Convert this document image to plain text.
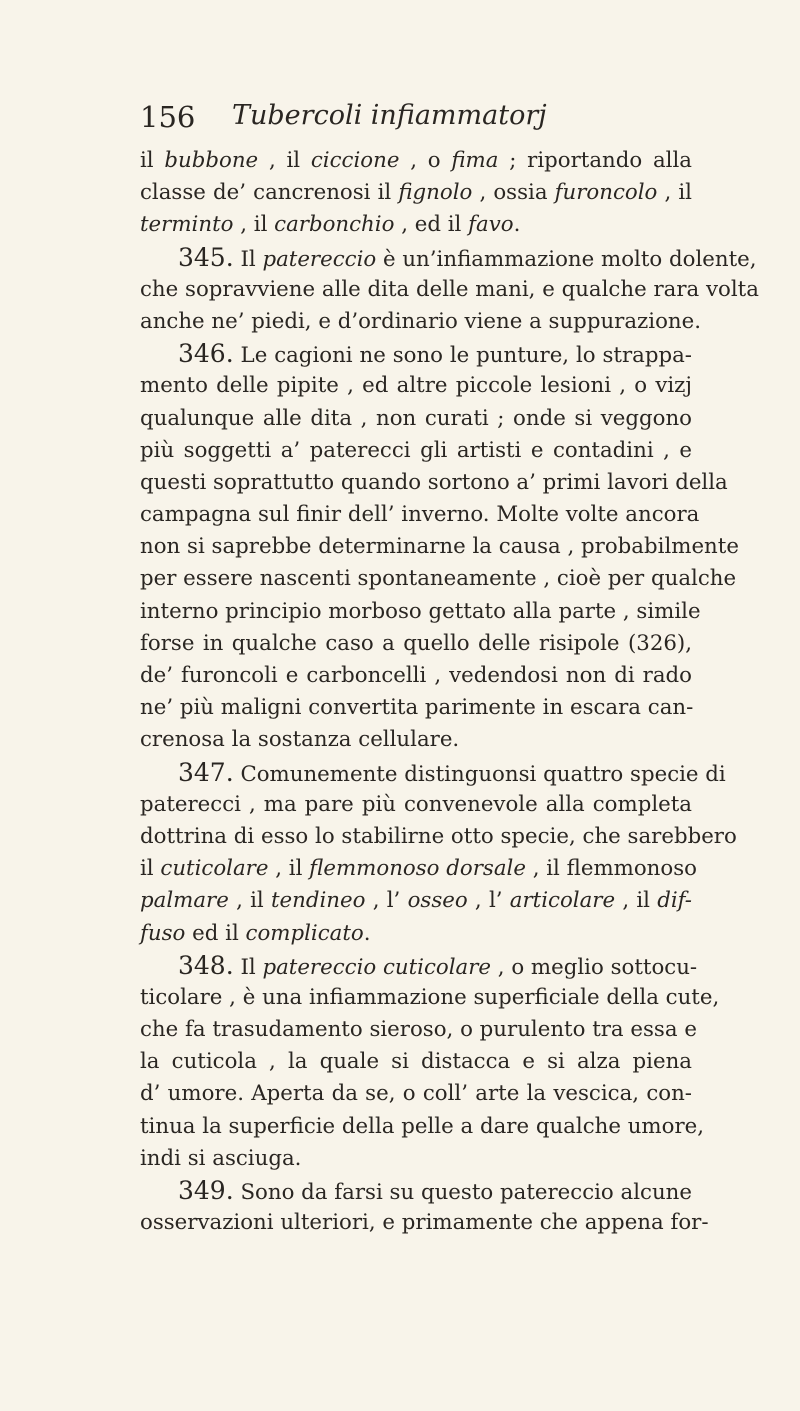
156 Tubercoli infiammatorj
il bubbone , il ciccione , o fima ; riportando alla
classe de’ cancrenosi il fignolo , ossia furoncolo , il
terminto , il carbonchio , ed il favo.
345. Il patereccio è un’infiammazione molto dolente,
che sopravviene alle dita delle mani, e qualche rara volta
anche ne’ piedi, e d’ordinario viene a suppurazione.
346. Le cagioni ne sono le punture, lo strappa-
mento delle pipite , ed altre piccole lesioni , o vizj
qualunque alle dita , non curati ; onde si veggono
più soggetti a’ paterecci gli artisti e contadini , e
questi soprattutto quando sortono a’ primi lavori della
campagna sul finir dell’ inverno. Molte volte ancora
non si saprebbe determinarne la causa , probabilmente
per essere nascenti spontaneamente , cioè per qualche
interno principio morboso gettato alla parte , simile
forse in qualche caso a quello delle risipole (326),
de’ furoncoli e carboncelli , vedendosi non di rado
ne’ più maligni convertita parimente in escara can-
crenosa la sostanza cellulare.
347. Comunemente distinguonsi quattro specie di
paterecci , ma pare più convenevole alla completa
dottrina di esso lo stabilirne otto specie, che sarebbero
il cuticolare , il flemmonoso dorsale , il flemmonoso
palmare , il tendineo , l’ osseo , l’ articolare , il dif-
fuso ed il complicato.
348. Il patereccio cuticolare , o meglio sottocu-
ticolare , è una infiammazione superficiale della cute,
che fa trasudamento sieroso, o purulento tra essa e
la cuticola , la quale si distacca e si alza piena
d’ umore. Aperta da se, o coll’ arte la vescica, con-
tinua la superficie della pelle a dare qualche umore,
indi si asciuga.
349. Sono da farsi su questo patereccio alcune
osservazioni ulteriori, e primamente che appena for-
